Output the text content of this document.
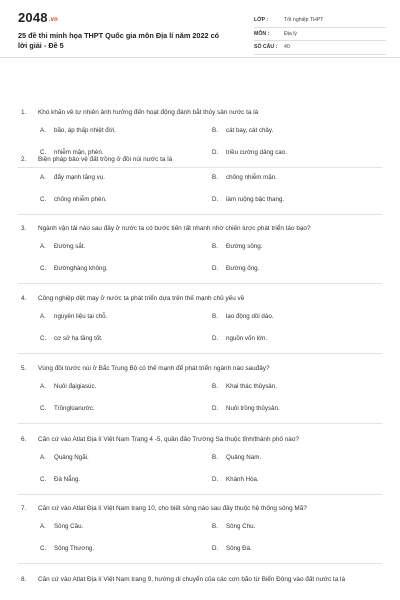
2048.vn
25 đề thi minh họa THPT Quốc gia môn Địa lí năm 2022 có lời giải - Đề 5
LỚP :	Tốt nghiệp THPT
MÔN :	Địa lý
SỐ CÂU :	40
1.	Khó khăn về tự nhiên ảnh hưởng đến hoạt động đánh bắt thủy sản nước ta là
A.	bão, áp thấp nhiệt đới.	B.	cát bay, cát chảy.
C.	nhiễm mặn, phèn.	D.	triều cường dâng cao.
2.	Biện pháp bảo vệ đất trồng ở đồi núi nước ta là
A.	đẩy mạnh tăng vụ.	B.	chống nhiễm mặn.
C.	chống nhiễm phèn.	D.	làm ruộng bậc thang.
3.	Ngành vận tải nào sau đây ở nước ta có bước tiến rất nhanh nhờ chiến lược phát triển táo bạo?
A.	Đường sắt.	B.	Đường sông.
C.	Đườnghàng không.	D.	Đường ống.
4.	Công nghiệp dệt may ở nước ta phát triển dựa trên thế mạnh chủ yếu về
A.	nguyên liệu tại chỗ.	B.	lao động dồi dào.
C.	cơ sở hạ tầng tốt.	D.	nguồn vốn lớn.
5.	Vùng đồi trước núi ở Bắc Trung Bộ có thế mạnh để phát triển ngành nào sauđây?
A.	Nuôi đạigiasúc.	B.	Khai thác thủysản.
C.	Trồnglúanước.	D.	Nuôi trồng thủysản.
6.	Căn cứ vào Atlat Địa lí Việt Nam Trang 4 -5, quần đảo Trường Sa thuộc tỉnh/thành phố nào?
A.	Quảng Ngãi.	B.	Quảng Nam.
C.	Đà Nẵng.	D.	Khánh Hòa.
7.	Căn cứ vào Atlat Địa lí Việt Nam trang 10, cho biết sông nào sau đây thuộc hệ thống sông Mã?
A.	Sông Cầu.	B.	Sông Chu.
C.	Sông Thương.	D.	Sông Đà.
8.	Căn cứ vào Atlat Địa lí Việt Nam trang 9, hướng di chuyển của các cơn bão từ Biển Đông vào đất nước ta là
